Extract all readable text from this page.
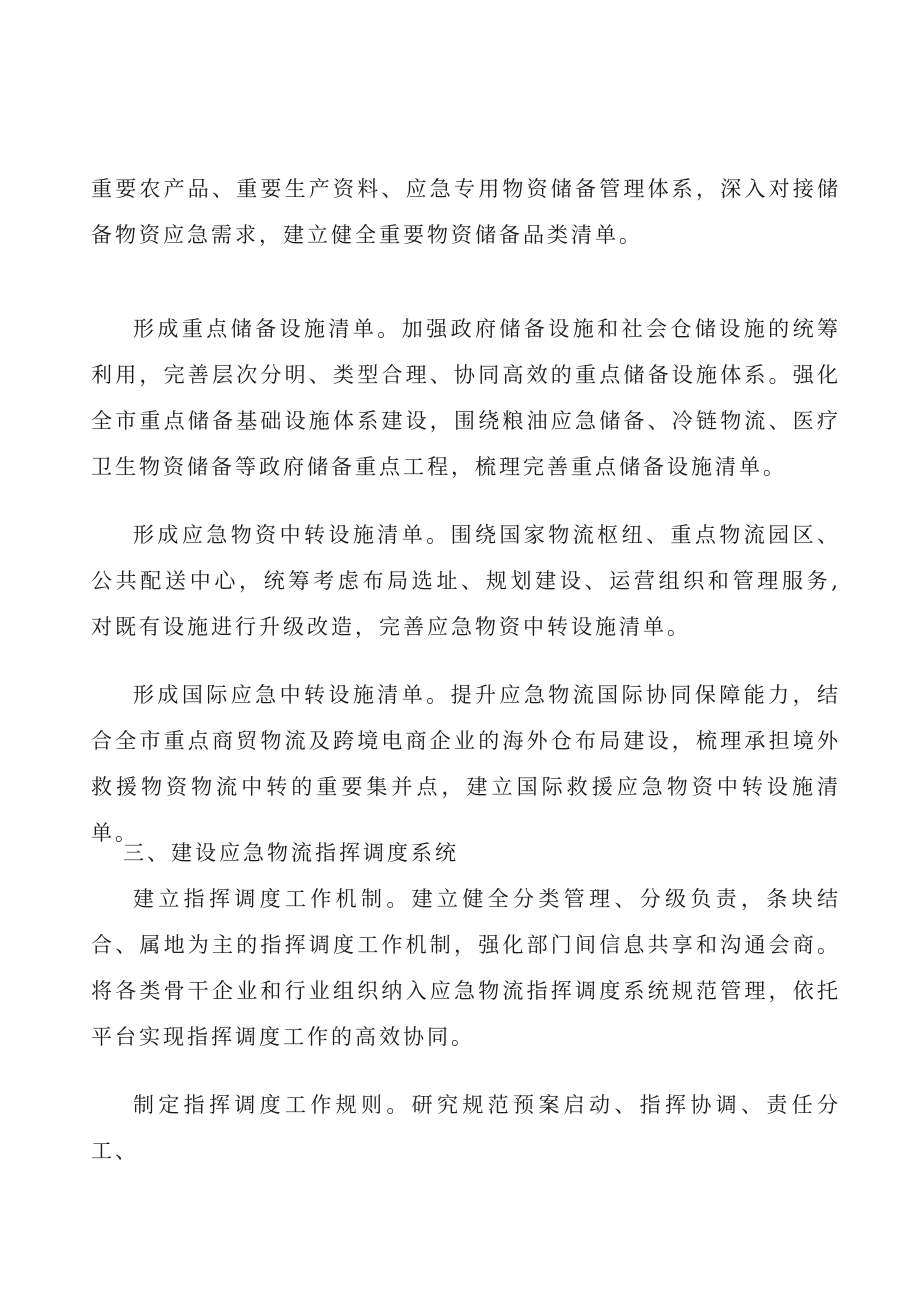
重要农产品、重要生产资料、应急专用物资储备管理体系，深入对接储备物资应急需求，建立健全重要物资储备品类清单。

形成重点储备设施清单。加强政府储备设施和社会仓储设施的统筹利用，完善层次分明、类型合理、协同高效的重点储备设施体系。强化全市重点储备基础设施体系建设，围绕粮油应急储备、冷链物流、医疗卫生物资储备等政府储备重点工程，梳理完善重点储备设施清单。

形成应急物资中转设施清单。围绕国家物流枢纽、重点物流园区、公共配送中心，统筹考虑布局选址、规划建设、运营组织和管理服务,对既有设施进行升级改造，完善应急物资中转设施清单。

形成国际应急中转设施清单。提升应急物流国际协同保障能力，结合全市重点商贸物流及跨境电商企业的海外仓布局建设，梳理承担境外救援物资物流中转的重要集并点，建立国际救援应急物资中转设施清单。

三、建设应急物流指挥调度系统

建立指挥调度工作机制。建立健全分类管理、分级负责，条块结合、属地为主的指挥调度工作机制，强化部门间信息共享和沟通会商。将各类骨干企业和行业组织纳入应急物流指挥调度系统规范管理，依托平台实现指挥调度工作的高效协同。

制定指挥调度工作规则。研究规范预案启动、指挥协调、责任分工、
